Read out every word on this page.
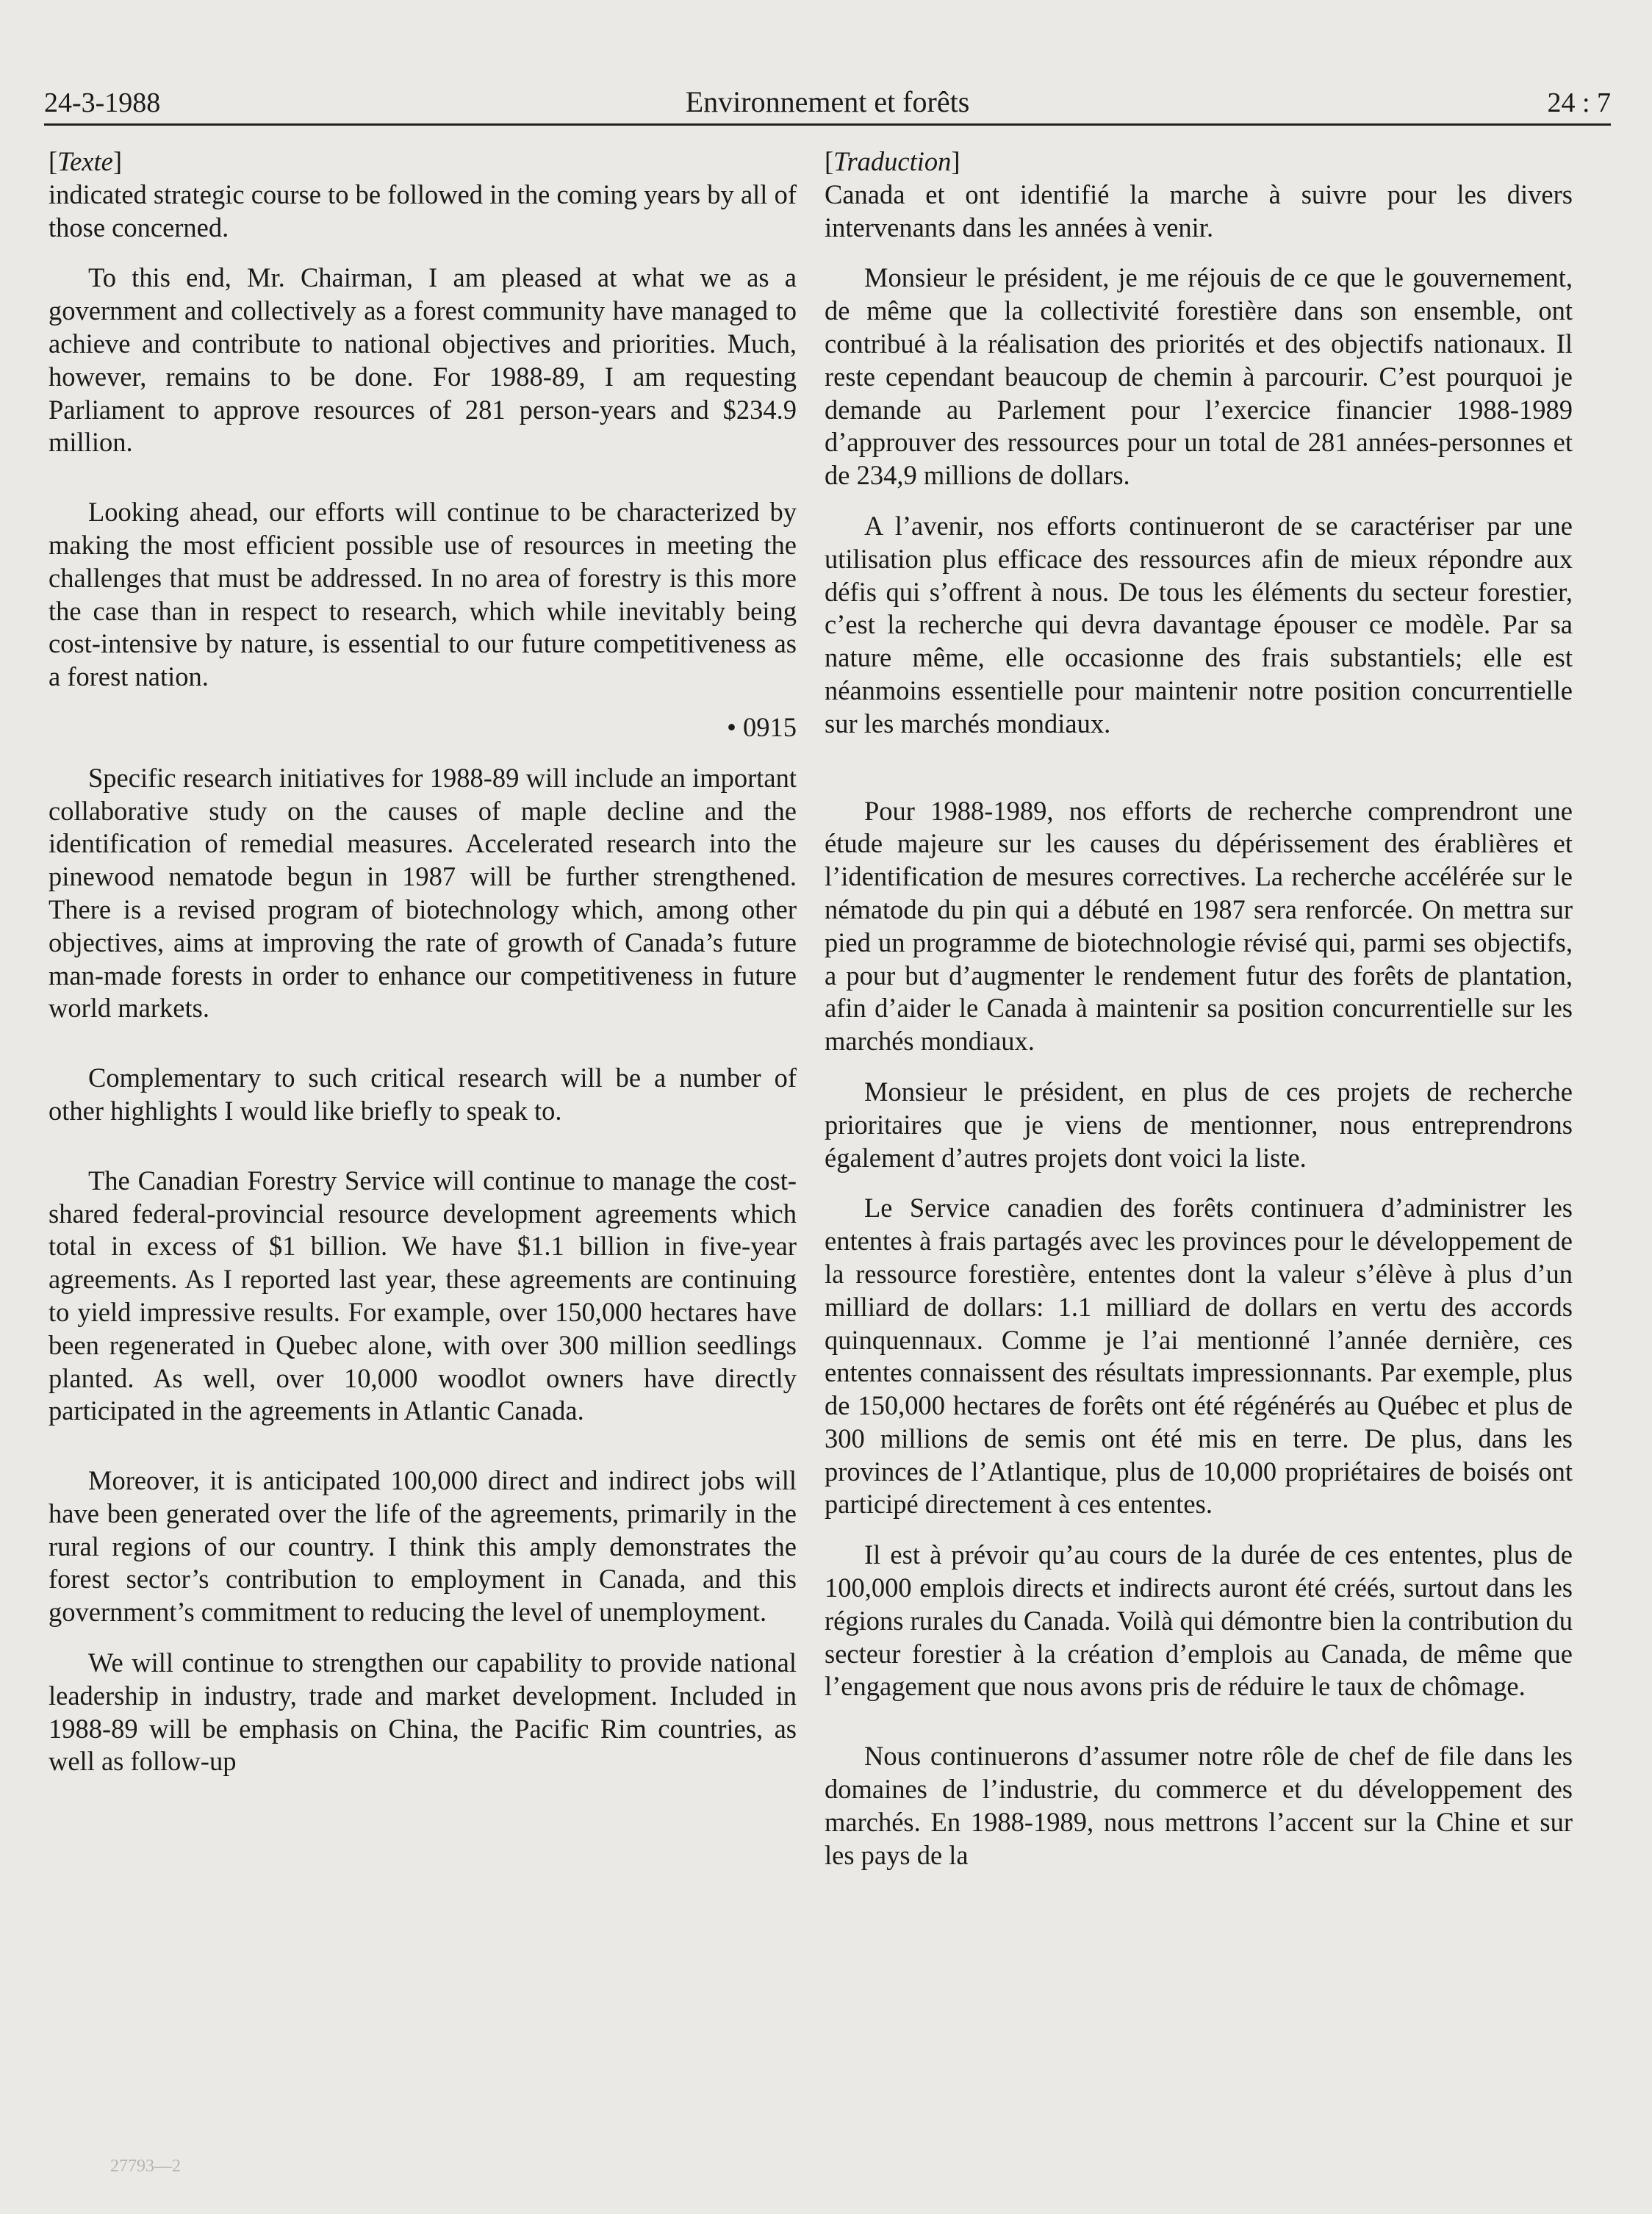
24-3-1988	Environnement et forêts	24 : 7
[Texte]

indicated strategic course to be followed in the coming years by all of those concerned.

To this end, Mr. Chairman, I am pleased at what we as a government and collectively as a forest community have managed to achieve and contribute to national objectives and priorities. Much, however, remains to be done. For 1988-89, I am requesting Parliament to approve resources of 281 person-years and $234.9 million.

Looking ahead, our efforts will continue to be characterized by making the most efficient possible use of resources in meeting the challenges that must be addressed. In no area of forestry is this more the case than in respect to research, which while inevitably being cost-intensive by nature, is essential to our future competitiveness as a forest nation.

• 0915

Specific research initiatives for 1988-89 will include an important collaborative study on the causes of maple decline and the identification of remedial measures. Accelerated research into the pinewood nematode begun in 1987 will be further strengthened. There is a revised program of biotechnology which, among other objectives, aims at improving the rate of growth of Canada’s future man-made forests in order to enhance our competitiveness in future world markets.

Complementary to such critical research will be a number of other highlights I would like briefly to speak to.

The Canadian Forestry Service will continue to manage the cost-shared federal-provincial resource development agreements which total in excess of $1 billion. We have $1.1 billion in five-year agreements. As I reported last year, these agreements are continuing to yield impressive results. For example, over 150,000 hectares have been regenerated in Quebec alone, with over 300 million seedlings planted. As well, over 10,000 woodlot owners have directly participated in the agreements in Atlantic Canada.

Moreover, it is anticipated 100,000 direct and indirect jobs will have been generated over the life of the agreements, primarily in the rural regions of our country. I think this amply demonstrates the forest sector’s contribution to employment in Canada, and this government’s commitment to reducing the level of unemployment.

We will continue to strengthen our capability to provide national leadership in industry, trade and market development. Included in 1988-89 will be emphasis on China, the Pacific Rim countries, as well as follow-up

[Traduction]

Canada et ont identifié la marche à suivre pour les divers intervenants dans les années à venir.

Monsieur le président, je me réjouis de ce que le gouvernement, de même que la collectivité forestière dans son ensemble, ont contribué à la réalisation des priorités et des objectifs nationaux. Il reste cependant beaucoup de chemin à parcourir. C’est pourquoi je demande au Parlement pour l’exercice financier 1988-1989 d’approuver des ressources pour un total de 281 années-personnes et de 234,9 millions de dollars.

A l’avenir, nos efforts continueront de se caractériser par une utilisation plus efficace des ressources afin de mieux répondre aux défis qui s’offrent à nous. De tous les éléments du secteur forestier, c’est la recherche qui devra davantage épouser ce modèle. Par sa nature même, elle occasionne des frais substantiels; elle est néanmoins essentielle pour maintenir notre position concurrentielle sur les marchés mondiaux.

Pour 1988-1989, nos efforts de recherche comprendront une étude majeure sur les causes du dépérissement des érablières et l’identification de mesures correctives. La recherche accélérée sur le nématode du pin qui a débuté en 1987 sera renforcée. On mettra sur pied un programme de biotechnologie révisé qui, parmi ses objectifs, a pour but d’augmenter le rendement futur des forêts de plantation, afin d’aider le Canada à maintenir sa position concurrentielle sur les marchés mondiaux.

Monsieur le président, en plus de ces projets de recherche prioritaires que je viens de mentionner, nous entreprendrons également d’autres projets dont voici la liste.

Le Service canadien des forêts continuera d’administrer les ententes à frais partagés avec les provinces pour le développement de la ressource forestière, ententes dont la valeur s’élève à plus d’un milliard de dollars: 1.1 milliard de dollars en vertu des accords quinquennaux. Comme je l’ai mentionné l’année dernière, ces ententes connaissent des résultats impressionnants. Par exemple, plus de 150,000 hectares de forêts ont été régénérés au Québec et plus de 300 millions de semis ont été mis en terre. De plus, dans les provinces de l’Atlantique, plus de 10,000 propriétaires de boisés ont participé directement à ces ententes.

Il est à prévoir qu’au cours de la durée de ces ententes, plus de 100,000 emplois directs et indirects auront été créés, surtout dans les régions rurales du Canada. Voilà qui démontre bien la contribution du secteur forestier à la création d’emplois au Canada, de même que l’engagement que nous avons pris de réduire le taux de chômage.

Nous continuerons d’assumer notre rôle de chef de file dans les domaines de l’industrie, du commerce et du développement des marchés. En 1988-1989, nous mettrons l’accent sur la Chine et sur les pays de la

27793—2
